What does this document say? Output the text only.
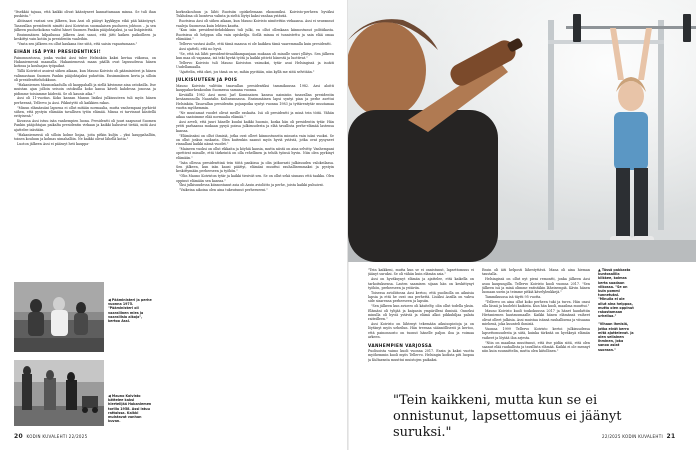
"Itsekkäi tajuaa, että kaikki olivat kääntyneet kannattamaan minua. Se tuli ihan puskista."

Ahtisaari vastasi sen jälkeen, kun Assi oli pääsyt kyykkyyn eikä pää kääntynyt. Tasavallan presidentti nimitti Assi Koiviston suomalaisen puolueen johtoon – ja sen jälkeen puoluekokous valitsi hänet Suomen Pankin pääjohtajaksi, ja sai lisäpisteitä.

Ensimmäisen kilpailunsa jälkeen Assi sanoi, että jätti kaiken paikoilleen ja keskittyi vain kotiin ja presidentin vaaleihin.

"Vasta sen jälkeen en ollut kaukana itse siitä, että saisin vapautumaan."

EIHÄN ISÄ PYRI PRESIDENTIKSI!

Painonnostossa, jonka vuoksi Assi tulee Helsinkiin kaksi kertaa viikossa, on Hakaniemessä maanalla. Hakaniemessä maan päällä ovat lapsuudessa hänen kotinsa ja kouluajan työpaikat.

Tällä Koivistot asuivat siihen aikaan, kun Mauno Koivisto oli pääministeri ja hänen valinnastaan Suomen Pankin pääjohtajaksi puhuttiin. Ensimmäinen kerta ja silloin oli presidenttiehdokkuus.

"Hakaniemen Maunonkadulla oli kauppahalli ja siellä kävimme aina ostoksilla. Itse muistan ajan jolloin seisoin ostoksilla koko kansa käveli kahdessa jonossa ja pidimme toisiamme kädestä. Se oli kaunis aika."

Assi oli 11-vuotias. Koko kansan Manun lisäksi julkisuuteen tuli myös hänen perheensä, Tellervo ja Assi. Pikkutyttö oli kaikkien rakas.

"Minun elämässäni lapsena ei ollut mitään normaalia, mutta vanhempani pyrkivät siihen, että pystyin elämään tavallisen tytön elämää. Minua ei tarvinnut käsitellä erityisenä."

Kuvassa Assi istuu isän vanhempien luona. Presidentti oli juuri saapunut Suomen Pankin pääjohtajan paikalta presidentin virkaan ja kaikki halusivat tietää, mitä Assi ajattelee isästään.

"Hakaniemessä oli silloin kolme linjaa, joita pitkin kuljin – yksi kauppahalliin, toinen kouluun ja kolmas uimahalliin. Ne kaikki olivat lähellä kotia."

Luoton jälkeen Assi ei päässyt heti kauppa-

◀ Pääministeri ja perhe vuonna 1975. "Pääministeri oli vaarallinen mies ja vaarallisia aikoja", kertoo Assi.
◀ Mauno Koivisto kättelee kaksi hiertelijää Hakaniemen torilla 1958. Assi istuu rattaissa. Kaikki muistavat vanhan kuvan.

korkeakouluun ja lähti Ruotsiin opiskelemaan ekonomiksi. Koivisto-perheen hyväksi Tukholma oli luonteva valinta ja sieltä löytyi kaksi vanhaa ystävää.

Ruotsissa Assi oli siihen aikaan, kun Mauno Koivisto nimitettiin virkaansa. Assi ei seurannut vaaleja Suomessa kuin lehtien kautta.

"Kun isän presidenttiehdokkuus tuli julki, en ollut ollenkaan kiinnostunut politiikasta. Ruotsissa oli helppoa olla vain opiskelija. Siellä minua ei tunnistettu ja sain elää omaa elämääni."

Tellervo vastasi Asille, että tämä maassa ei ole kaikkea tämä vaaremmalla kuin presidentti.

Assi ajatteli, että no hyvä.

"Se, että isä lähti presidenttivaalikampanjaan mukaan oli minulle suuri yllätys. Sen jälkeen kun maa oli vapaana, isä teki hyvää työtä ja kaikki pitivät hänestä ja luottivat."

Tellervo Koivisto tuli Mauno Koiviston vaimoksi, tytär asui Helsingissä ja isoäiti Uudellamaalla.

"Ajattelin, että okei, jos tämä on se, mihin pyritään, niin kyllä me siitä selvitään."

JULKISUUTEEN JA POIS

Mauno Koivisto valittiin tasavallan presidentiksi tammikuussa 1982. Assi aloitti kauppakorkeakoulun Suomessa samana vuonna.

Keväällä 1982 Assi meni Jarl Kominaisen kanssa naimisiin tasavallan presidentin kesäasunnolla Naantalin Kultarannassa. Ensimmäinen lapsi syntyi pian ja perhe asettui Helsinkiin. Tasavallan presidentin pojanpoika syntyi vuonna 1983 ja tyttärentytär muutamaa vuotta myöhemmin.

"Ne muutamat vuodet olivat meille raskaita. Isä oli presidentti ja minä tein töitä. Vähän aikaa saatoimme elää normaalia elämää."

Assi arveli, että juuri hänelle kuului kaikki huomio, koska hän oli presidentin tytär. Hän yritti parhaansa mukaan pysyä poissa julkisuudesta ja elää tavallista perhe-elämää lastensa kanssa.

"Elämässäni on ollut ihmisiä, jotka ovat olleet kiinnostuneita minusta vain isäni vuoksi. Se on ollut joskus raskasta. Olen kuitenkin saanut myös hyviä ystäviä, jotka ovat pysyneet rinnallani kaikki nämä vuodet."

"Maineen vuoksi on ollut rikkaita ja köyhiä kausia, mutta niistä on aina selvitty. Vanhempani opettivat minulle, että tärkeintä on olla rehellinen ja tehdä työnsä hyvin. Niin olen pyrkinyt elämään."

"Isän ollessa presidenttinä tein töitä pankissa ja olin jatkuvasti julkisuuden valokeilassa. Sen jälkeen, kun isän kausi päättyi, elämäni muuttui rauhallisemmaksi ja pystyin keskittymään perheeseen ja työhön."

"Olin Mauno Koiviston tytär ja kaikki tiesivät sen. Se on ollut sekä siunaus että taakka. Olen oppinut elämään sen kanssa."

Yksi julkisuudessa kiinnostanut asia oli Assin avioliitto ja perhe, joista kaikki puhuivat.

"Vaikeina aikoina olen aina tukeutunut perheeseeni."

20 KODIN KUVALEHTI 22/2025

"Tein kaikkeni, mutta kun se ei onnistunut, lapsettomuus ei jäänyt suruksi. Se oli vähän kuin elämän asia."

Assi on hyväksynyt elämän ja ajattelee, että kaikella on tarkoituksensa. Lasten saamisen sijaan hän on keskittynyt työhön, perheeseen ja ystäviin.

Toisessa avioliitossa Assi kertoo, että puolisolla on aikuisia lapsia ja että he ovat osa perhettä. Lisäksi Assilla on vahva side sisarensa perheeseen ja lapsiin.

"Sen jälkeen kun avioero oli käsitelty, olin ollut todella yksin. Elämäni oli tyhjää ja kaipasin ympärilleni ihmisiä. Onneksi minulla oli hyviä ystäviä ja elämä alkoi pikkuhiljaa palata raiteilleen."

Assi Koivisto on lähtenyt tekemään aikuisopintoja ja on löytänyt myös urheilun. Hän treenaa säännöllisesti ja kertoo, että painonnosto on tuonut hänelle paljon iloa ja voimaa arkeen.

VANHEMPIEN VARJOSSA

Puolisoista vaimo kuoli vuonna 2017. Ensin ja kaksi vuotta myöhemmin kuoli myös Tellervo. Helsingin kodista piti luopua ja Kultaranta muuttui muistojen paikaksi.

Ensin oli äiti helposti lähestyttävä. Mana oli aina hieman taustalla.

Helsingissä on ollut nyt pieni remontti, jonka jälkeen Assi asuu kaupungilla. Tellervo Koivisto kuoli vuonna 2017. "Sen jälkeen isä ja minä olimme entistäkin läheisempiä. Kävin hänen luonaan usein ja teimme pitkiä kävelylenkkejä."

Tammikuussa isä täytti 95 vuotta.

"Tellervo on aina ollut koko perheen tuki ja turva. Hän osasi olla läsnä ja huolehti kaikista. Kun hän kuoli, maailma muuttui."

Mauno Koivisto kuoli toukokuussa 2017 ja hänet haudattiin Hietaniemen hautausmaalle. Kaikki hänen elämänsä vaiheet olivat olleet julkisia. Assi muistaa isänsä rauhallisena ja viisaana miehenä, joka kuunteli ihmisiä.

Vuonna 1999 Tellervo Koivisto kertoi julkisuudessa lapsettomuudesta ja siitä, kuinka tärkeää on hyväksyä elämän vaiheet ja löytää iloa arjesta.

"Niin on maailma muuttunut, että itse pidän siitä, että olen saanut elää rauhallista ja tavallista elämää. Kaikki ei ole mennyt niin kuin suunnittelin, mutta olen kiitollinen."

▲ Tässä pakkasta kuntosalilla kilkkee, kolmas kerta saadaan viikossa. "Se on kuin pommi tunnetuksi. "Minulla ei ole ollut aina helppoa, mutta olen oppinut rakastamaan urheilua."
"Vihaan ihmisiä, jotka eivät kerro mitä ajattelevat. Ja olen sellainen ihminen, joka sanoo asiat suoraan."
22/2025 KODIN KUVALEHTI 21
"Tein kaikkeni, mutta kun se ei onnistunut, lapsettomuus ei jäänyt suruksi."
